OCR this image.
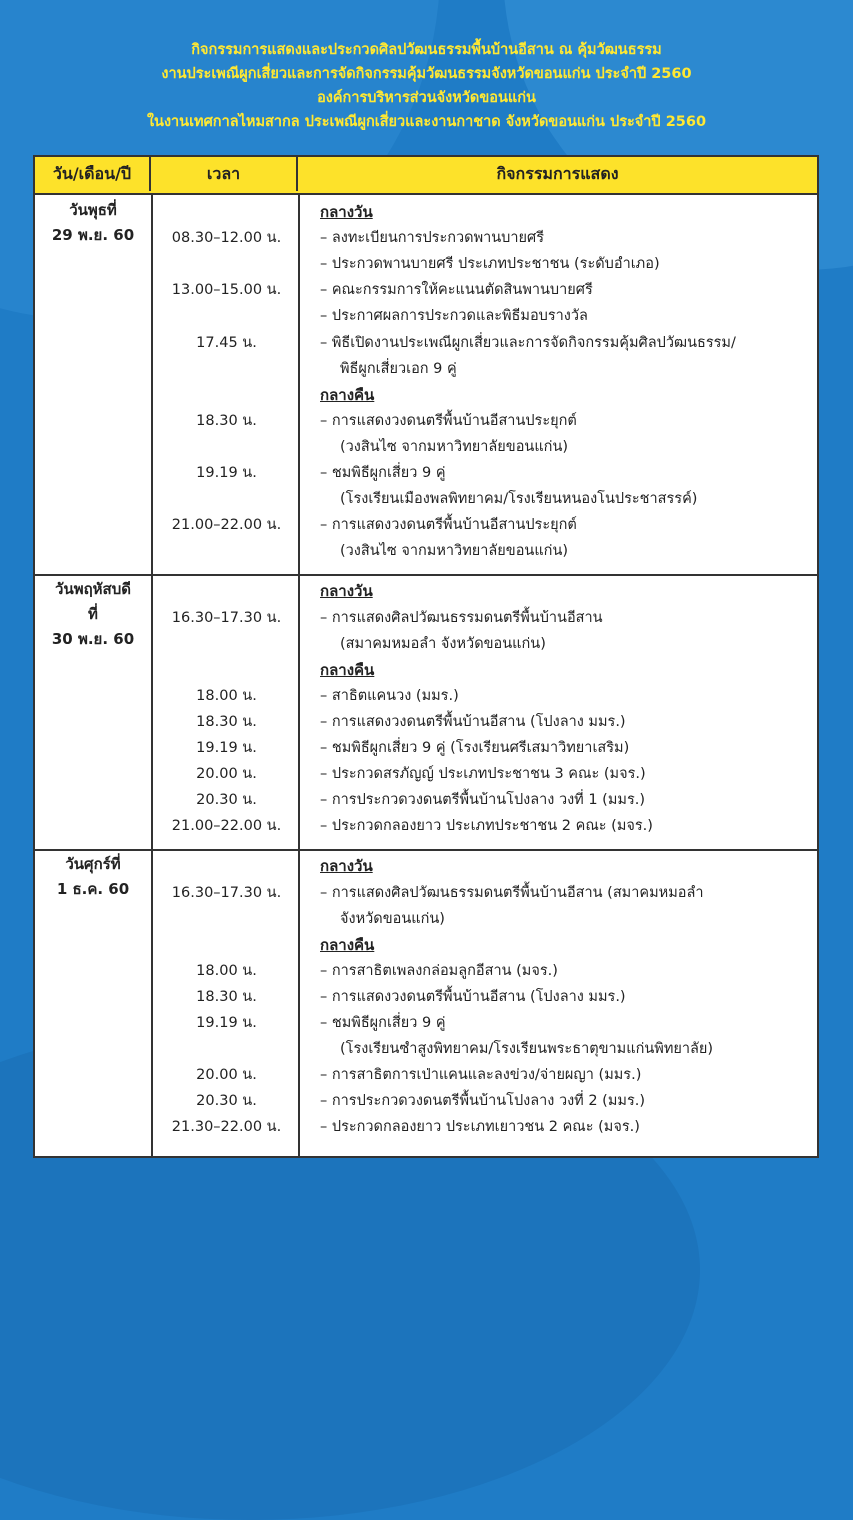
กิจกรรมการแสดงและประกวดศิลปวัฒนธรรมพื้นบ้านอีสาน ณ คุ้มวัฒนธรรม
งานประเพณีผูกเสี่ยวและการจัดกิจกรรมคุ้มวัฒนธรรมจังหวัดขอนแก่น ประจำปี 2560
องค์การบริหารส่วนจังหวัดขอนแก่น
ในงานเทศกาลไหมสากล ประเพณีผูกเสี่ยวและงานกาชาด จังหวัดขอนแก่น ประจำปี 2560
วัน/เดือน/ปี	เวลา	กิจกรรมการแสดง
วันพุธที่
29 พ.ย. 60
กลางวัน
08.30–12.00 น.	– ลงทะเบียนการประกวดพานบายศรี
– ประกวดพานบายศรี ประเภทประชาชน (ระดับอำเภอ)
13.00–15.00 น.	– คณะกรรมการให้คะแนนตัดสินพานบายศรี
– ประกาศผลการประกวดและพิธีมอบรางวัล
17.45 น.	– พิธีเปิดงานประเพณีผูกเสี่ยวและการจัดกิจกรรมคุ้มศิลปวัฒนธรรม/
พิธีผูกเสี่ยวเอก 9 คู่
กลางคืน
18.30 น.	– การแสดงวงดนตรีพื้นบ้านอีสานประยุกต์
(วงสินไซ จากมหาวิทยาลัยขอนแก่น)
19.19 น.	– ชมพิธีผูกเสี่ยว 9 คู่
(โรงเรียนเมืองพลพิทยาคม/โรงเรียนหนองโนประชาสรรค์)
21.00–22.00 น.	– การแสดงวงดนตรีพื้นบ้านอีสานประยุกต์
(วงสินไซ จากมหาวิทยาลัยขอนแก่น)
วันพฤหัสบดี
ที่
30 พ.ย. 60
กลางวัน
16.30–17.30 น.	– การแสดงศิลปวัฒนธรรมดนตรีพื้นบ้านอีสาน
(สมาคมหมอลำ จังหวัดขอนแก่น)
กลางคืน
18.00 น.	– สาธิตแคนวง (มมร.)
18.30 น.	– การแสดงวงดนตรีพื้นบ้านอีสาน (โปงลาง มมร.)
19.19 น.	– ชมพิธีผูกเสี่ยว 9 คู่ (โรงเรียนศรีเสมาวิทยาเสริม)
20.00 น.	– ประกวดสรภัญญ์ ประเภทประชาชน 3 คณะ (มจร.)
20.30 น.	– การประกวดวงดนตรีพื้นบ้านโปงลาง วงที่ 1 (มมร.)
21.00–22.00 น.	– ประกวดกลองยาว ประเภทประชาชน 2 คณะ (มจร.)
วันศุกร์ที่
1 ธ.ค. 60
กลางวัน
16.30–17.30 น.	– การแสดงศิลปวัฒนธรรมดนตรีพื้นบ้านอีสาน (สมาคมหมอลำ
จังหวัดขอนแก่น)
กลางคืน
18.00 น.	– การสาธิตเพลงกล่อมลูกอีสาน (มจร.)
18.30 น.	– การแสดงวงดนตรีพื้นบ้านอีสาน (โปงลาง มมร.)
19.19 น.	– ชมพิธีผูกเสี่ยว 9 คู่
(โรงเรียนซำสูงพิทยาคม/โรงเรียนพระธาตุขามแก่นพิทยาลัย)
20.00 น.	– การสาธิตการเป่าแคนและลงข่วง/จ่ายผญา (มมร.)
20.30 น.	– การประกวดวงดนตรีพื้นบ้านโปงลาง วงที่ 2 (มมร.)
21.30–22.00 น.	– ประกวดกลองยาว ประเภทเยาวชน 2 คณะ (มจร.)
